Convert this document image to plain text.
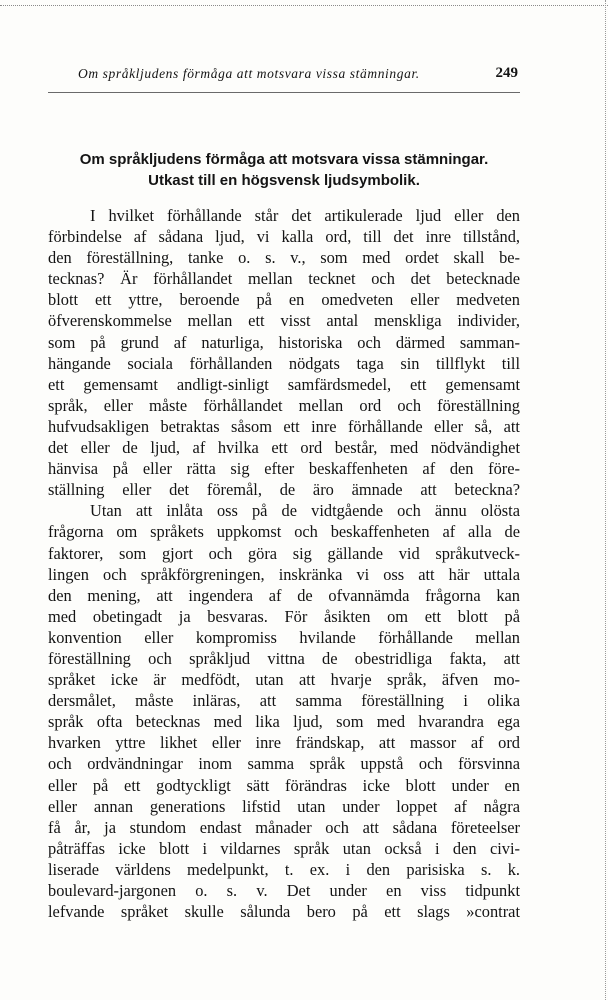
Om språkljudens förmåga att motsvara vissa stämningar.	249
Om språkljudens förmåga att motsvara vissa stämningar.
Utkast till en högsvensk ljudsymbolik.
I hvilket förhållande står det artikulerade ljud eller den
förbindelse af sådana ljud, vi kalla ord, till det inre tillstånd,
den föreställning, tanke o. s. v., som med ordet skall be-
tecknas? Är förhållandet mellan tecknet och det betecknade
blott ett yttre, beroende på en omedveten eller medveten
öfverenskommelse mellan ett visst antal menskliga individer,
som på grund af naturliga, historiska och därmed samman-
hängande sociala förhållanden nödgats taga sin tillflykt till
ett gemensamt andligt-sinligt samfärdsmedel, ett gemensamt
språk, eller måste förhållandet mellan ord och föreställning
hufvudsakligen betraktas såsom ett inre förhållande eller så, att
det eller de ljud, af hvilka ett ord består, med nödvändighet
hänvisa på eller rätta sig efter beskaffenheten af den före-
ställning eller det föremål, de äro ämnade att beteckna?
Utan att inlåta oss på de vidtgående och ännu olösta
frågorna om språkets uppkomst och beskaffenheten af alla de
faktorer, som gjort och göra sig gällande vid språkutveck-
lingen och språkförgreningen, inskränka vi oss att här uttala
den mening, att ingendera af de ofvannämda frågorna kan
med obetingadt ja besvaras. För åsikten om ett blott på
konvention eller kompromiss hvilande förhållande mellan
föreställning och språkljud vittna de obestridliga fakta, att
språket icke är medfödt, utan att hvarje språk, äfven mo-
dersmålet, måste inläras, att samma föreställning i olika
språk ofta betecknas med lika ljud, som med hvarandra ega
hvarken yttre likhet eller inre frändskap, att massor af ord
och ordvändningar inom samma språk uppstå och försvinna
eller på ett godtyckligt sätt förändras icke blott under en
eller annan generations lifstid utan under loppet af några
få år, ja stundom endast månader och att sådana företeelser
påträffas icke blott i vildarnes språk utan också i den civi-
liserade världens medelpunkt, t. ex. i den parisiska s. k.
boulevard-jargonen o. s. v. Det under en viss tidpunkt
lefvande språket skulle sålunda bero på ett slags »contrat
